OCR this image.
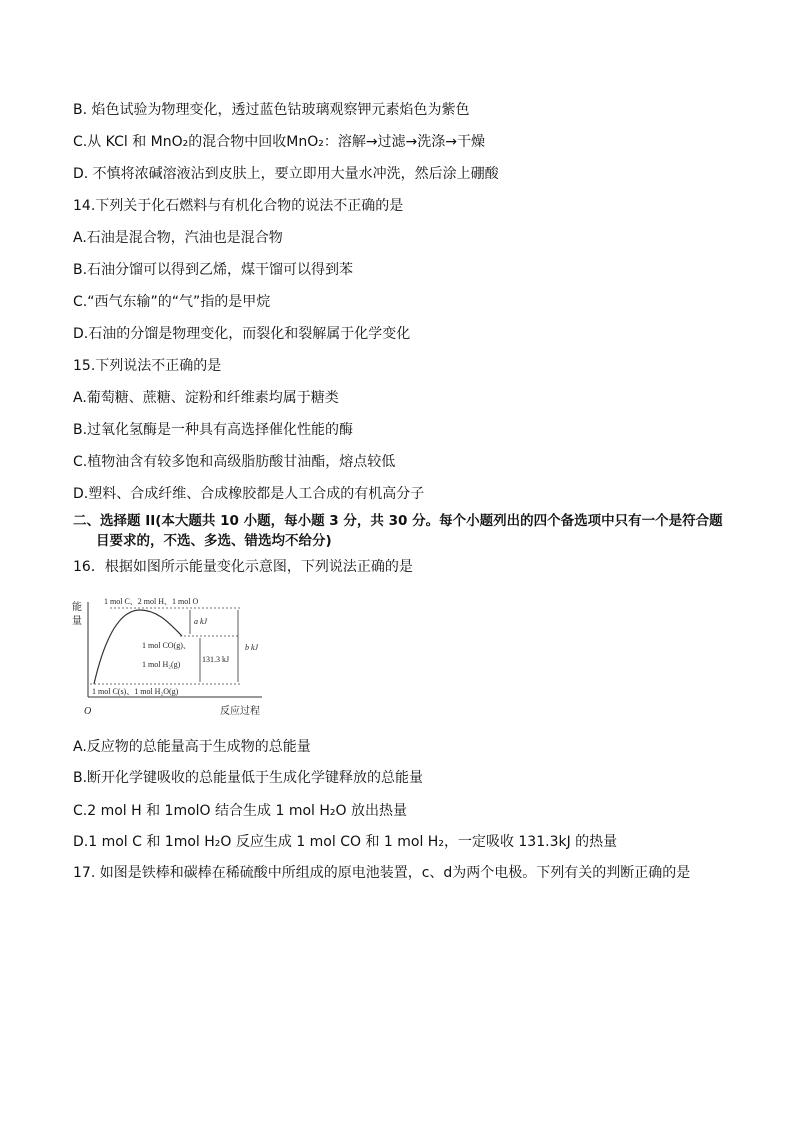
B. 焰色试验为物理变化，透过蓝色钴玻璃观察钾元素焰色为紫色
C.从 KCl 和 MnO₂的混合物中回收MnO₂：溶解→过滤→洗涤→干燥
D. 不慎将浓碱溶液沾到皮肤上，要立即用大量水冲洗，然后涂上硼酸
14.下列关于化石燃料与有机化合物的说法不正确的是
A.石油是混合物，汽油也是混合物
B.石油分馏可以得到乙烯，煤干馏可以得到苯
C.“西气东输”的“气”指的是甲烷
D.石油的分馏是物理变化，而裂化和裂解属于化学变化
15.下列说法不正确的是
A.葡萄糖、蔗糖、淀粉和纤维素均属于糖类
B.过氧化氢酶是一种具有高选择催化性能的酶
C.植物油含有较多饱和高级脂肪酸甘油酯，熔点较低
D.塑料、合成纤维、合成橡胶都是人工合成的有机高分子
二、选择题 II(本大题共 10 小题，每小题 3 分，共 30 分。每个小题列出的四个备选项中只有一个是符合题
目要求的，不选、多选、错选均不给分)
16．根据如图所示能量变化示意图，下列说法正确的是
能
量
O	反应过程
1 mol C、2 mol H、1 mol O
1 mol CO(g)、
1 mol H₂(g)
1 mol C(s)、1 mol H₂O(g)
a kJ
b kJ
131.3 kJ
A.反应物的总能量高于生成物的总能量
B.断开化学键吸收的总能量低于生成化学键释放的总能量
C.2 mol H 和 1molO 结合生成 1 mol H₂O 放出热量
D.1 mol C 和 1mol H₂O 反应生成 1 mol CO 和 1 mol H₂，一定吸收 131.3kJ 的热量
17. 如图是铁棒和碳棒在稀硫酸中所组成的原电池装置，c、d为两个电极。下列有关的判断正确的是
